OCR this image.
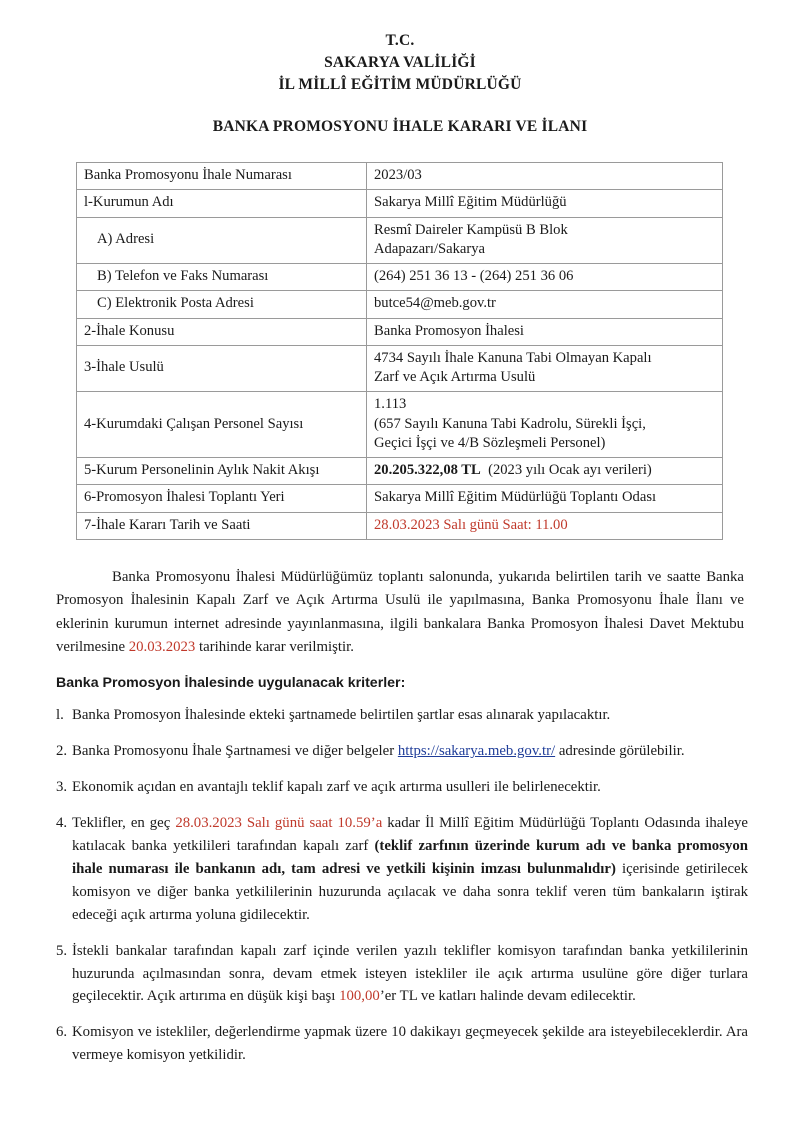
T.C.
SAKARYA VALİLİĞİ
İL MİLLÎ EĞİTİM MÜDÜRLÜĞÜ
BANKA PROMOSYONU İHALE KARARI VE İLANI
Banka Promosyonu İhale Numarası	2023/03
l-Kurumun Adı	Sakarya Millî Eğitim Müdürlüğü
A) Adresi	Resmî Daireler Kampüsü B Blok
Adapazarı/Sakarya
B) Telefon ve Faks Numarası	(264) 251 36 13 - (264) 251 36 06
C) Elektronik Posta Adresi	butce54@meb.gov.tr
2-İhale Konusu	Banka Promosyon İhalesi
3-İhale Usulü	4734 Sayılı İhale Kanuna Tabi Olmayan Kapalı
Zarf ve Açık Artırma Usulü
4-Kurumdaki Çalışan Personel Sayısı	1.113
(657 Sayılı Kanuna Tabi Kadrolu, Sürekli İşçi,
Geçici İşçi ve 4/B Sözleşmeli Personel)
5-Kurum Personelinin Aylık Nakit Akışı	20.205.322,08 TL (2023 yılı Ocak ayı verileri)
6-Promosyon İhalesi Toplantı Yeri	Sakarya Millî Eğitim Müdürlüğü Toplantı Odası
7-İhale Kararı Tarih ve Saati	28.03.2023 Salı günü Saat: 11.00

Banka Promosyonu İhalesi Müdürlüğümüz toplantı salonunda, yukarıda belirtilen tarih ve saatte Banka Promosyon İhalesinin Kapalı Zarf ve Açık Artırma Usulü ile yapılmasına, Banka Promosyonu İhale İlanı ve eklerinin kurumun internet adresinde yayınlanmasına, ilgili bankalara Banka Promosyon İhalesi Davet Mektubu verilmesine 20.03.2023 tarihinde karar verilmiştir.

Banka Promosyon İhalesinde uygulanacak kriterler:
l. Banka Promosyon İhalesinde ekteki şartnamede belirtilen şartlar esas alınarak yapılacaktır.
2. Banka Promosyonu İhale Şartnamesi ve diğer belgeler https://sakarya.meb.gov.tr/ adresinde görülebilir.
3. Ekonomik açıdan en avantajlı teklif kapalı zarf ve açık artırma usulleri ile belirlenecektir.
4. Teklifler, en geç 28.03.2023 Salı günü saat 10.59’a kadar İl Millî Eğitim Müdürlüğü Toplantı Odasında ihaleye katılacak banka yetkilileri tarafından kapalı zarf (teklif zarfının üzerinde kurum adı ve banka promosyon ihale numarası ile bankanın adı, tam adresi ve yetkili kişinin imzası bulunmalıdır) içerisinde getirilecek komisyon ve diğer banka yetkililerinin huzurunda açılacak ve daha sonra teklif veren tüm bankaların iştirak edeceği açık artırma yoluna gidilecektir.
5. İstekli bankalar tarafından kapalı zarf içinde verilen yazılı teklifler komisyon tarafından banka yetkililerinin huzurunda açılmasından sonra, devam etmek isteyen istekliler ile açık artırma usulüne göre diğer turlara geçilecektir. Açık artırıma en düşük kişi başı 100,00’er TL ve katları halinde devam edilecektir.
6. Komisyon ve istekliler, değerlendirme yapmak üzere 10 dakikayı geçmeyecek şekilde ara isteyebileceklerdir. Ara vermeye komisyon yetkilidir.
